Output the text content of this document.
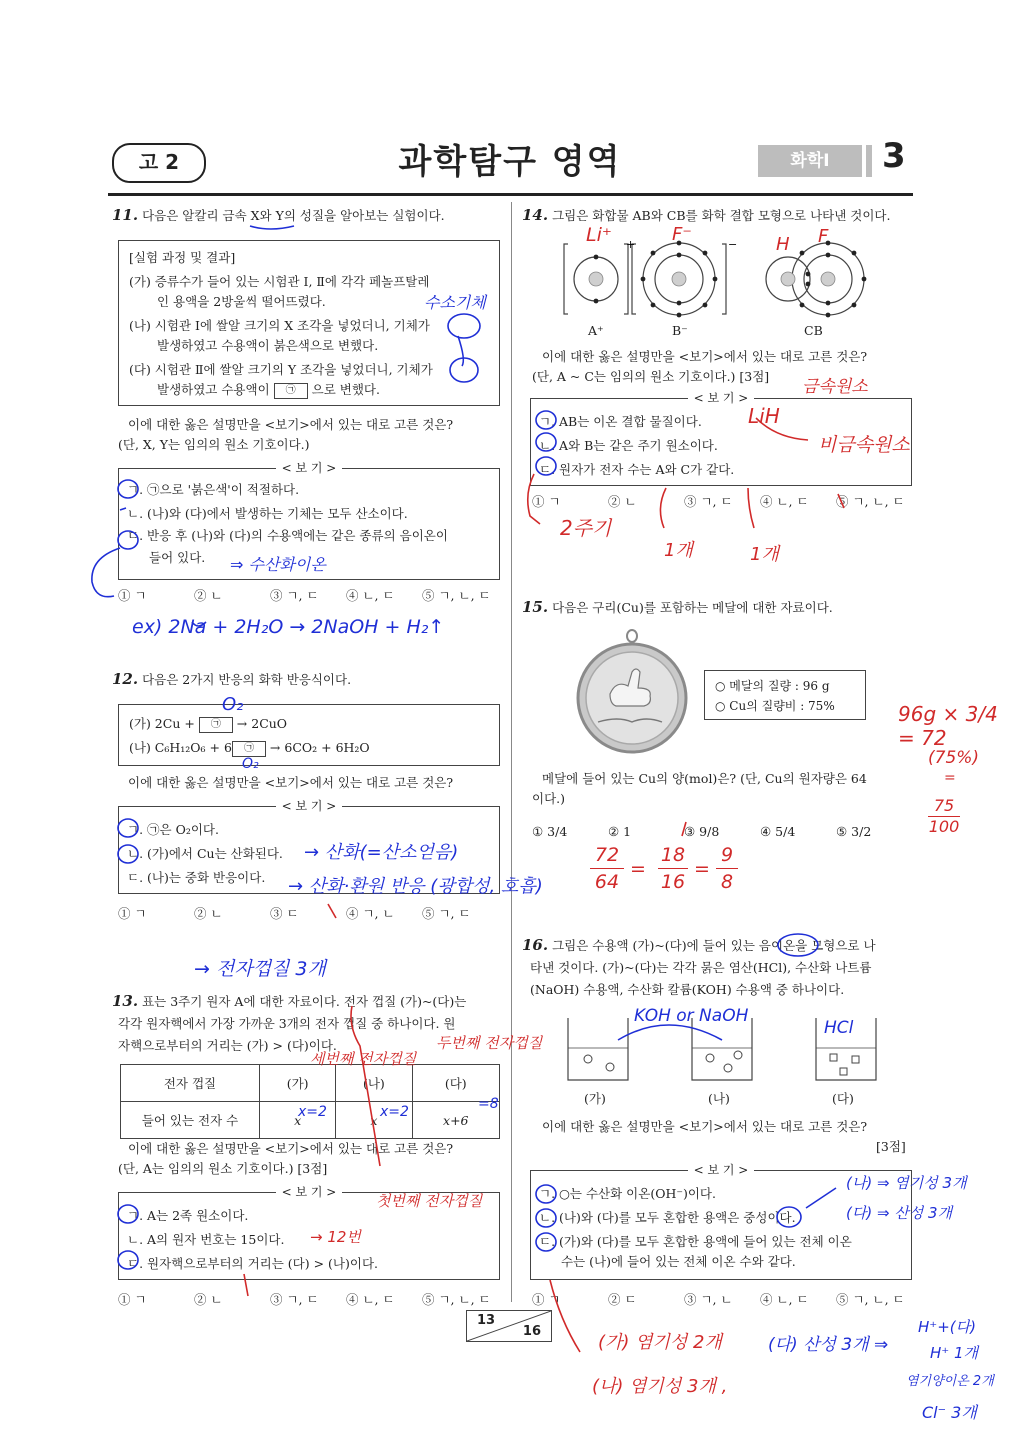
고 2	과학탐구 영역	화학Ⅰ	3
11. 다음은 알칼리 금속 X와 Y의 성질을 알아보는 실험이다.
[실험 과정 및 결과]
(가) 증류수가 들어 있는 시험관 Ⅰ, Ⅱ에 각각 페놀프탈레
인 용액을 2방울씩 떨어뜨렸다.
(나) 시험관 Ⅰ에 쌀알 크기의 X 조각을 넣었더니, 기체가
발생하였고 수용액이 붉은색으로 변했다.
(다) 시험관 Ⅱ에 쌀알 크기의 Y 조각을 넣었더니, 기체가
발생하였고 수용액이 ㉠ 으로 변했다.
이에 대한 옳은 설명만을 <보기>에서 있는 대로 고른 것은?
(단, X, Y는 임의의 원소 기호이다.)
< 보 기 >
ㄱ. ㉠으로 '붉은색'이 적절하다.
ㄴ. (나)와 (다)에서 발생하는 기체는 모두 산소이다.
ㄷ. 반응 후 (나)와 (다)의 수용액에는 같은 종류의 음이온이
들어 있다.
① ㄱ	② ㄴ	③ ㄱ, ㄷ	④ ㄴ, ㄷ	⑤ ㄱ, ㄴ, ㄷ
12. 다음은 2가지 반응의 화학 반응식이다.
(가) 2Cu + ㉠ → 2CuO
(나) C₆H₁₂O₆ + 6 ㉠ → 6CO₂ + 6H₂O
이에 대한 옳은 설명만을 <보기>에서 있는 대로 고른 것은?
< 보 기 >
ㄱ. ㉠은 O₂이다.
ㄴ. (가)에서 Cu는 산화된다.
ㄷ. (나)는 중화 반응이다.
① ㄱ	② ㄴ	③ ㄷ	④ ㄱ, ㄴ	⑤ ㄱ, ㄷ
13. 표는 3주기 원자 A에 대한 자료이다. 전자 껍질 (가)~(다)는
각각 원자핵에서 가장 가까운 3개의 전자 껍질 중 하나이다. 원
자핵으로부터의 거리는 (가) > (다)이다.
전자 껍질	(가)	(나)	(다)
들어 있는 전자 수	x	x	x+6
이에 대한 옳은 설명만을 <보기>에서 있는 대로 고른 것은?
(단, A는 임의의 원소 기호이다.) [3점]
< 보 기 >
ㄱ. A는 2족 원소이다.
ㄴ. A의 원자 번호는 15이다.
ㄷ. 원자핵으로부터의 거리는 (다) > (나)이다.
① ㄱ	② ㄴ	③ ㄱ, ㄷ	④ ㄴ, ㄷ	⑤ ㄱ, ㄴ, ㄷ
14. 그림은 화합물 AB와 CB를 화학 결합 모형으로 나타낸 것이다.
+	−
A⁺	B⁻	CB
이에 대한 옳은 설명만을 <보기>에서 있는 대로 고른 것은?
(단, A ~ C는 임의의 원소 기호이다.) [3점]
< 보 기 >
ㄱ. AB는 이온 결합 물질이다.
ㄴ. A와 B는 같은 주기 원소이다.
ㄷ. 원자가 전자 수는 A와 C가 같다.
① ㄱ	② ㄴ	③ ㄱ, ㄷ	④ ㄴ, ㄷ	⑤ ㄱ, ㄴ, ㄷ
15. 다음은 구리(Cu)를 포함하는 메달에 대한 자료이다.
○ 메달의 질량 : 96 g
○ Cu의 질량비 : 75%
메달에 들어 있는 Cu의 양(mol)은? (단, Cu의 원자량은 64
이다.)
① 3/4	② 1	③ 9/8	④ 5/4	⑤ 3/2
16. 그림은 수용액 (가)~(다)에 들어 있는 음이온을 모형으로 나
타낸 것이다. (가)~(다)는 각각 묽은 염산(HCl), 수산화 나트륨
(NaOH) 수용액, 수산화 칼륨(KOH) 수용액 중 하나이다.
(가)	(나)	(다)
이에 대한 옳은 설명만을 <보기>에서 있는 대로 고른 것은?
[3점]
< 보 기 >
ㄱ. ○는 수산화 이온(OH⁻)이다.
ㄴ. (나)와 (다)를 모두 혼합한 용액은 중성이다.
ㄷ. (가)와 (다)를 모두 혼합한 용액에 들어 있는 전체 이온
수는 (나)에 들어 있는 전체 이온 수와 같다.
① ㄱ	② ㄷ	③ ㄱ, ㄴ	④ ㄴ, ㄷ	⑤ ㄱ, ㄴ, ㄷ
13
16
수소기체
⇒ 수산화이온
ex) 2Na + 2H₂O → 2NaOH + H₂↑
O₂
O₂
→ 산화(=산소얻음)
→ 산화·환원 반응 (광합성, 호흡)
→ 전자껍질 3개
세번째 전자껍질
두번째 전자껍질
첫번째 전자껍질
x=2	x=2	=8
→ 12번
Li⁺	F⁻	H F
금속원소
LiH
비금속원소
2주기
1개	1개
96g × 3/4 = 72
(75%)
=
$\frac{75}{100}$
$\frac{72}{64} = \frac{18}{16} = \frac{9}{8}$
KOH or NaOH
HCl
(나) ⇒ 염기성 3개
(다) ⇒ 산성 3개
(가) 염기성 2개
(나) 염기성 3개 ,
(다) 산성 3개 ⇒
H⁺+(다)
H⁺ 1개
염기양이온 2개
Cl⁻ 3개
